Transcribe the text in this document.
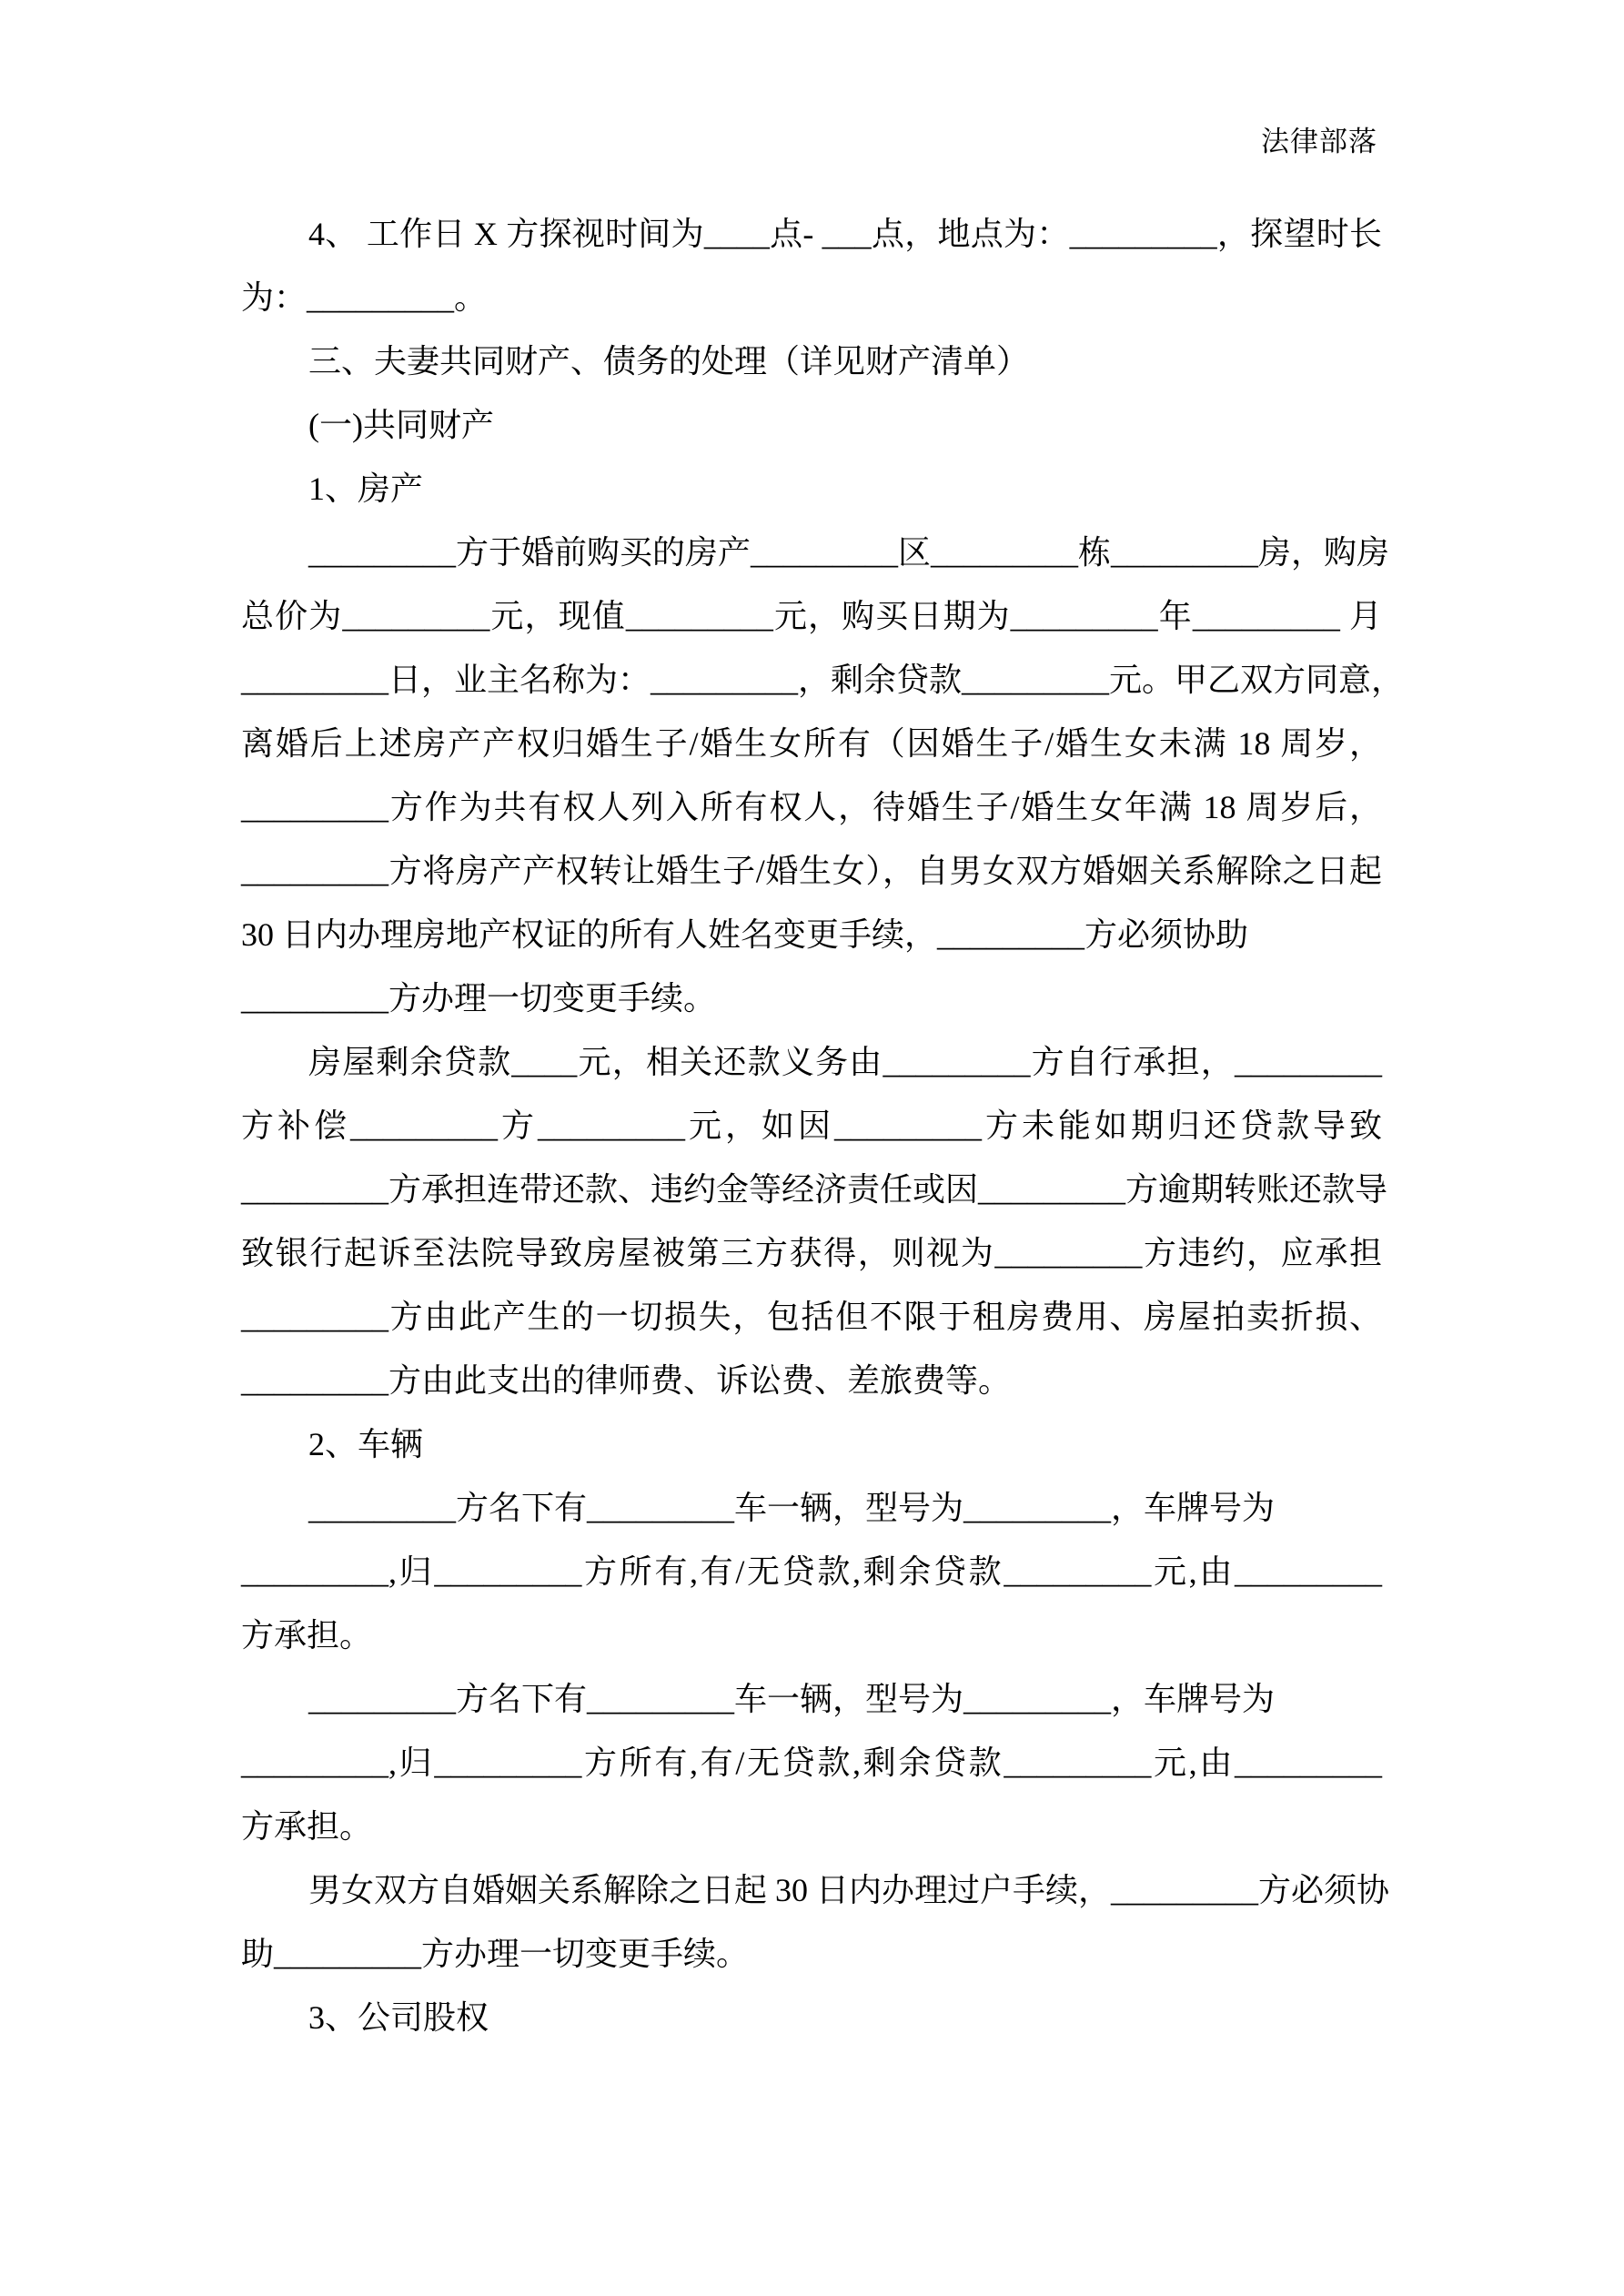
法律部落
4、 工作日 X 方探视时间为____点- ___点，地点为：_________，探望时长
为：_________。
三、夫妻共同财产、债务的处理（详见财产清单）
(一)共同财产
1、房产
_________方于婚前购买的房产_________区_________栋_________房，购房
总价为_________元，现值_________元，购买日期为_________年_________ 月
_________日，业主名称为：_________，剩余贷款_________元。甲乙双方同意，
离婚后上述房产产权归婚生子/婚生女所有（因婚生子/婚生女未满 18 周岁，
_________方作为共有权人列入所有权人，待婚生子/婚生女年满 18 周岁后，
_________方将房产产权转让婚生子/婚生女），自男女双方婚姻关系解除之日起
30 日内办理房地产权证的所有人姓名变更手续，_________方必须协助
_________方办理一切变更手续。
房屋剩余贷款____元，相关还款义务由_________方自行承担，_________
方补偿_________方_________元，如因_________方未能如期归还贷款导致
_________方承担连带还款、违约金等经济责任或因_________方逾期转账还款导
致银行起诉至法院导致房屋被第三方获得，则视为_________方违约，应承担
_________方由此产生的一切损失，包括但不限于租房费用、房屋拍卖折损、
_________方由此支出的律师费、诉讼费、差旅费等。
2、车辆
_________方名下有_________车一辆，型号为_________，车牌号为
_________,归_________方所有,有/无贷款,剩余贷款_________元,由_________
方承担。
_________方名下有_________车一辆，型号为_________，车牌号为
_________,归_________方所有,有/无贷款,剩余贷款_________元,由_________
方承担。
男女双方自婚姻关系解除之日起 30 日内办理过户手续，_________方必须协
助_________方办理一切变更手续。
3、公司股权
